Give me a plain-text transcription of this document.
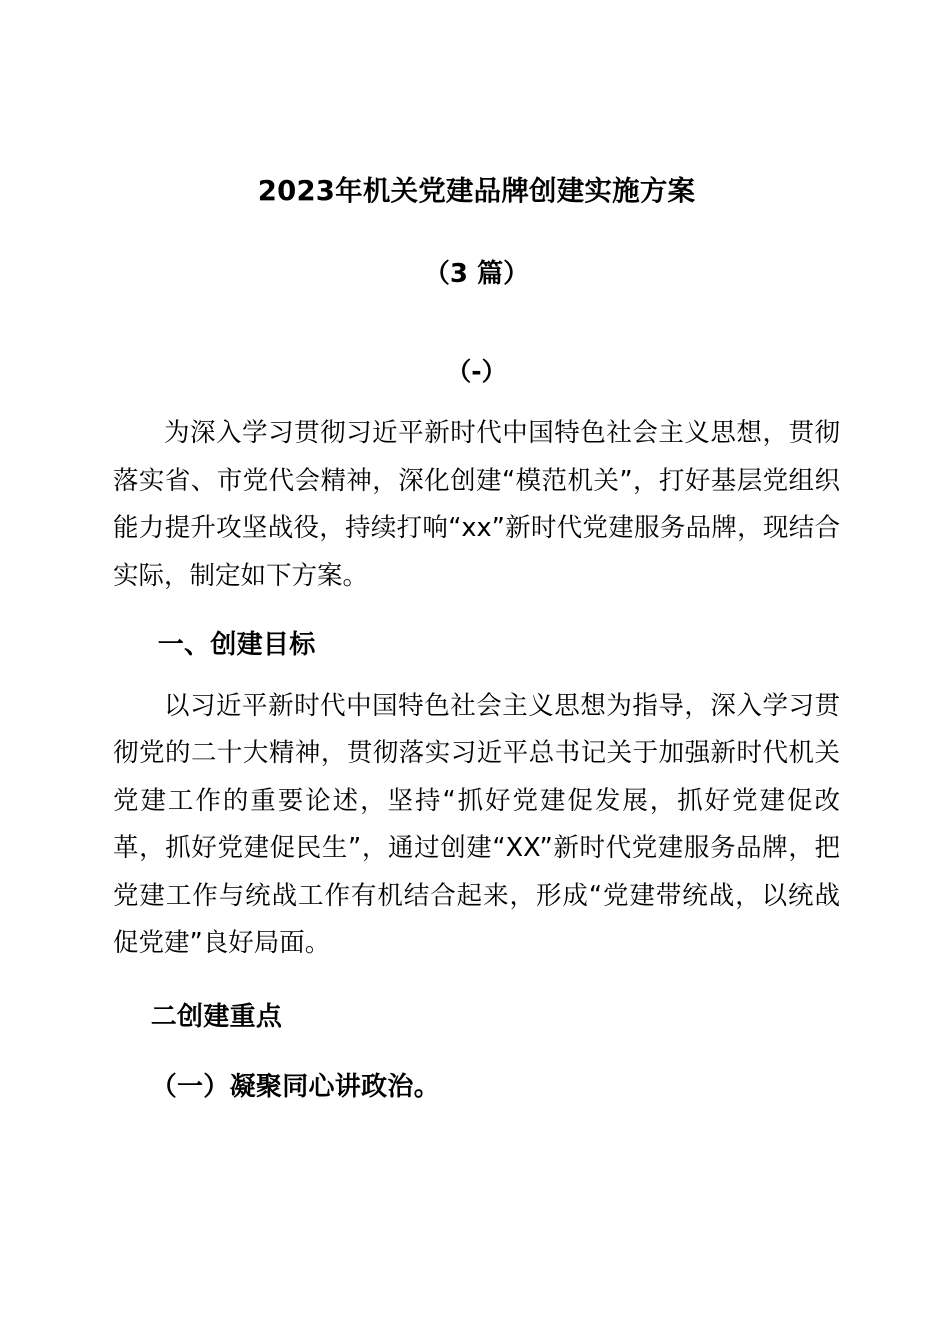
2023年机关党建品牌创建实施方案
（3 篇）
（-）

为深入学习贯彻习近平新时代中国特色社会主义思想，贯彻落实省、市党代会精神，深化创建“模范机关”，打好基层党组织能力提升攻坚战役，持续打响“xx”新时代党建服务品牌，现结合实际，制定如下方案。

一、创建目标

以习近平新时代中国特色社会主义思想为指导，深入学习贯彻党的二十大精神，贯彻落实习近平总书记关于加强新时代机关党建工作的重要论述，坚持“抓好党建促发展，抓好党建促改革，抓好党建促民生”，通过创建“XX”新时代党建服务品牌，把党建工作与统战工作有机结合起来，形成“党建带统战，以统战促党建”良好局面。

二创建重点
（一）凝聚同心讲政治。
